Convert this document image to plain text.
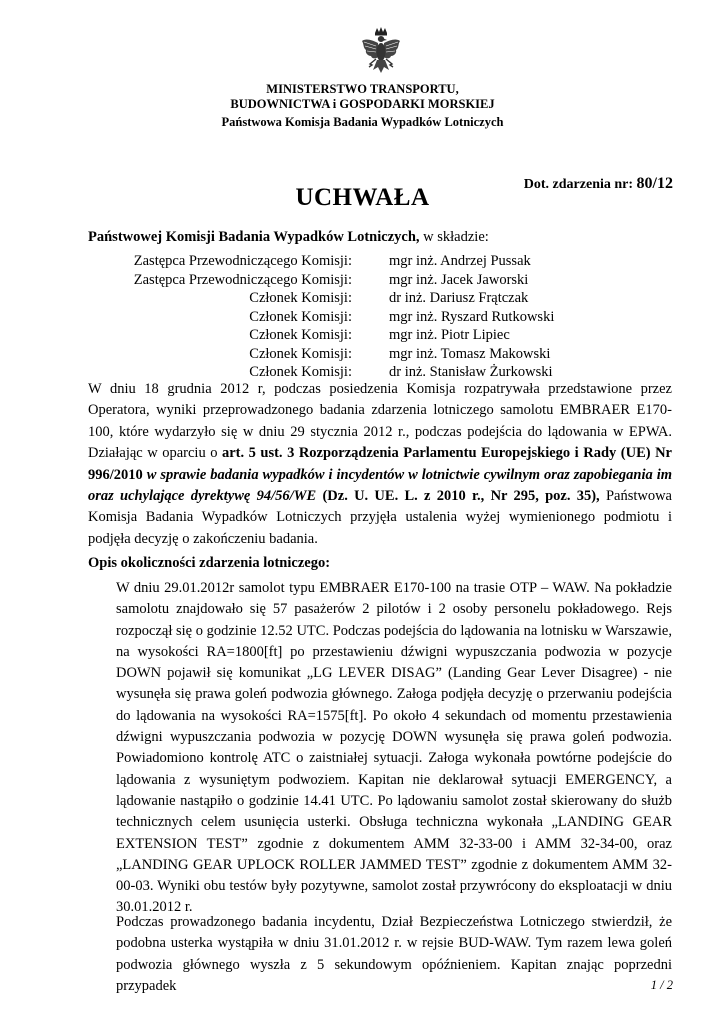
MINISTERSTWO TRANSPORTU,
BUDOWNICTWA i GOSPODARKI MORSKIEJ
Państwowa Komisja Badania Wypadków Lotniczych
Dot. zdarzenia nr: 80/12
UCHWAŁA
Państwowej Komisji Badania Wypadków Lotniczych, w składzie:
Zastępca Przewodniczącego Komisji:	mgr inż. Andrzej Pussak
Zastępca Przewodniczącego Komisji:	mgr inż. Jacek Jaworski
Członek Komisji:	dr inż. Dariusz Frątczak
Członek Komisji:	mgr inż. Ryszard Rutkowski
Członek Komisji:	mgr inż. Piotr Lipiec
Członek Komisji:	mgr inż. Tomasz Makowski
Członek Komisji:	dr inż. Stanisław Żurkowski
W dniu 18 grudnia 2012 r, podczas posiedzenia Komisja rozpatrywała przedstawione przez Operatora, wyniki przeprowadzonego badania zdarzenia lotniczego samolotu EMBRAER E170-100, które wydarzyło się w dniu 29 stycznia 2012 r., podczas podejścia do lądowania w EPWA. Działając w oparciu o art. 5 ust. 3 Rozporządzenia Parlamentu Europejskiego i Rady (UE) Nr 996/2010 w sprawie badania wypadków i incydentów w lotnictwie cywilnym oraz zapobiegania im oraz uchylające dyrektywę 94/56/WE (Dz. U. UE. L. z 2010 r., Nr 295, poz. 35), Państwowa Komisja Badania Wypadków Lotniczych przyjęła ustalenia wyżej wymienionego podmiotu i podjęła decyzję o zakończeniu badania.
Opis okoliczności zdarzenia lotniczego:
W dniu 29.01.2012r samolot typu EMBRAER E170-100 na trasie OTP – WAW. Na pokładzie samolotu znajdowało się 57 pasażerów 2 pilotów i 2 osoby personelu pokładowego. Rejs rozpoczął się o godzinie 12.52 UTC. Podczas podejścia do lądowania na lotnisku w Warszawie, na wysokości RA=1800[ft] po przestawieniu dźwigni wypuszczania podwozia w pozycje DOWN pojawił się komunikat „LG LEVER DISAG” (Landing Gear Lever Disagree) - nie wysunęła się prawa goleń podwozia głównego. Załoga podjęła decyzję o przerwaniu podejścia do lądowania na wysokości RA=1575[ft]. Po około 4 sekundach od momentu przestawienia dźwigni wypuszczania podwozia w pozycję DOWN wysunęła się prawa goleń podwozia. Powiadomiono kontrolę ATC o zaistniałej sytuacji. Załoga wykonała powtórne podejście do lądowania z wysuniętym podwoziem. Kapitan nie deklarował sytuacji EMERGENCY, a lądowanie nastąpiło o godzinie 14.41 UTC. Po lądowaniu samolot został skierowany do służb technicznych celem usunięcia usterki. Obsługa techniczna wykonała „LANDING GEAR EXTENSION TEST” zgodnie z dokumentem AMM 32-33-00 i AMM 32-34-00, oraz „LANDING GEAR UPLOCK ROLLER JAMMED TEST” zgodnie z dokumentem AMM 32-00-03. Wyniki obu testów były pozytywne, samolot został przywrócony do eksploatacji w dniu 30.01.2012 r.
Podczas prowadzonego badania incydentu, Dział Bezpieczeństwa Lotniczego stwierdził, że podobna usterka wystąpiła w dniu 31.01.2012 r. w rejsie BUD-WAW. Tym razem lewa goleń podwozia głównego wyszła z 5 sekundowym opóźnieniem. Kapitan znając poprzedni przypadek	1 / 2
